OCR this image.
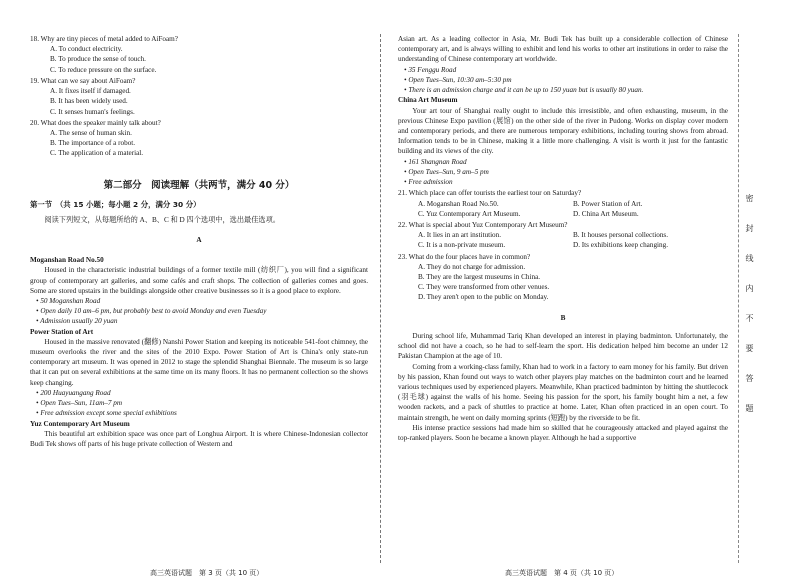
18. Why are tiny pieces of metal added to AiFoam?
A. To conduct electricity.
B. To produce the sense of touch.
C. To reduce pressure on the surface.
19. What can we say about AiFoam?
A. It fixes itself if damaged.
B. It has been widely used.
C. It senses human's feelings.
20. What does the speaker mainly talk about?
A. The sense of human skin.
B. The importance of a robot.
C. The application of a material.
第二部分　阅读理解（共两节，满分 40 分）
第一节　（共 15 小题；每小题 2 分，满分 30 分）
阅读下列短文，从每题所给的 A、B、C 和 D 四个选项中，选出最佳选项。
A
Moganshan Road No.50
Housed in the characteristic industrial buildings of a former textile mill (纺织厂), you will find a significant group of contemporary art galleries, and some cafés and craft shops. The collection of galleries comes and goes. Some are stored upstairs in the buildings alongside other creative businesses so it is a good place to explore.
• 50 Moganshan Road
• Open daily 10 am–6 pm, but probably best to avoid Monday and even Tuesday
• Admission usually 20 yuan
Power Station of Art
Housed in the massive renovated (翻修) Nanshi Power Station and keeping its noticeable 541-foot chimney, the museum overlooks the river and the sites of the 2010 Expo. Power Station of Art is China's only state-run contemporary art museum. It was opened in 2012 to stage the splendid Shanghai Biennale. The museum is so large that it can put on several exhibitions at the same time on its many floors. It has no permanent collection so the shows keep changing.
• 200 Huayuangang Road
• Open Tues–Sun, 11am–7 pm
• Free admission except some special exhibitions
Yuz Contemporary Art Museum
This beautiful art exhibition space was once part of Longhua Airport. It is where Chinese-Indonesian collector Budi Tek shows off parts of his huge private collection of Western and
Asian art. As a leading collector in Asia, Mr. Budi Tek has built up a considerable collection of Chinese contemporary art, and is always willing to exhibit and lend his works to other art institutions in order to raise the understanding of Chinese contemporary art worldwide.
• 35 Fenggu Road
• Open Tues–Sun, 10:30 am–5:30 pm
• There is an admission charge and it can be up to 150 yuan but is usually 80 yuan.
China Art Museum
Your art tour of Shanghai really ought to include this irresistible, and often exhausting, museum, in the previous Chinese Expo pavilion (展馆) on the other side of the river in Pudong. Works on display cover modern and contemporary periods, and there are numerous temporary exhibitions, including touring shows from abroad. Information tends to be in Chinese, making it a little more challenging. A visit is worth it just for the fantastic building and its views of the city.
• 161 Shangnan Road
• Open Tues–Sun, 9 am–5 pm
• Free admission
21. Which place can offer tourists the earliest tour on Saturday?
A. Moganshan Road No.50.	B. Power Station of Art.
C. Yuz Contemporary Art Museum.	D. China Art Museum.
22. What is special about Yuz Contemporary Art Museum?
A. It lies in an art institution.	B. It houses personal collections.
C. It is a non-private museum.	D. Its exhibitions keep changing.
23. What do the four places have in common?
A. They do not charge for admission.
B. They are the largest museums in China.
C. They were transformed from other venues.
D. They aren't open to the public on Monday.
B
During school life, Muhammad Tariq Khan developed an interest in playing badminton. Unfortunately, the school did not have a coach, so he had to self-learn the sport. His dedication helped him become an under 12 Pakistan Champion at the age of 10.
Coming from a working-class family, Khan had to work in a factory to earn money for his family. But driven by his passion, Khan found out ways to watch other players play matches on the badminton court and he learned various techniques used by experienced players. Meanwhile, Khan practiced badminton by hitting the shuttlecock (羽毛球) against the walls of his home. Seeing his passion for the sport, his family bought him a net, a few wooden rackets, and a pack of shuttles to practice at home. Later, Khan often practiced in an open court. To maintain strength, he went on daily morning sprints (短跑) by the riverside to be fit.
His intense practice sessions had made him so skilled that he courageously attacked and played against the top-ranked players. Soon he became a known player. Although he had a supportive
密
封
线
内
不
要
答
题
高三英语试题　第 3 页（共 10 页）	高三英语试题　第 4 页（共 10 页）
